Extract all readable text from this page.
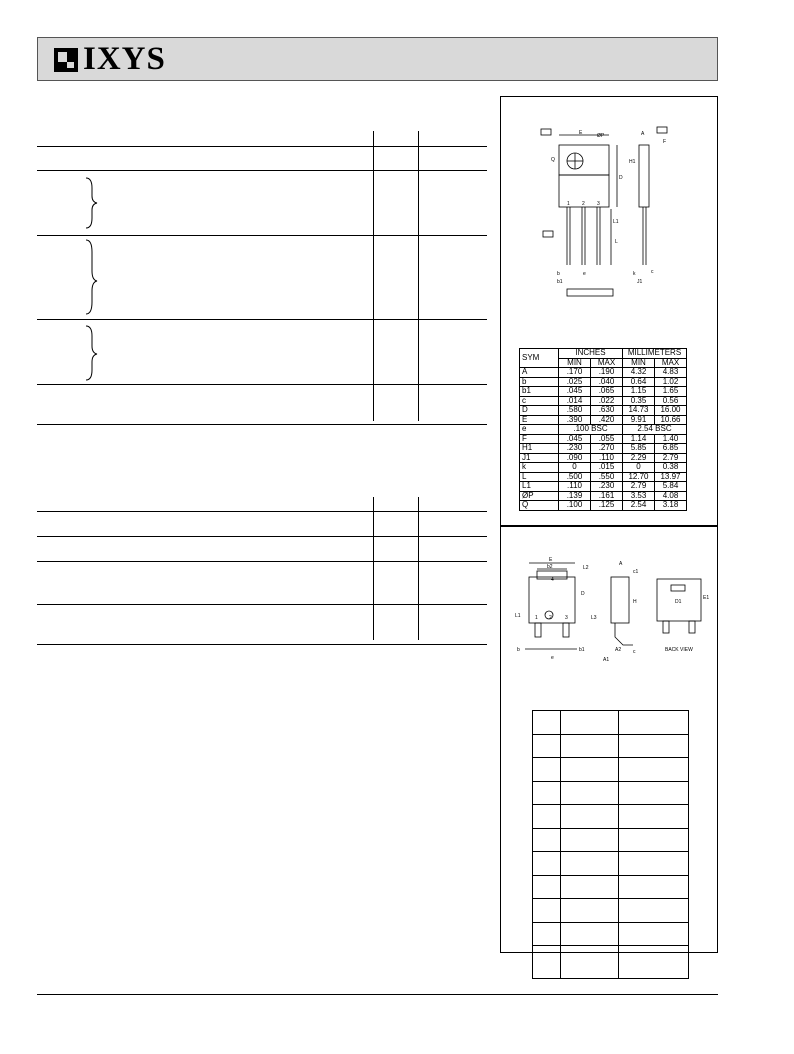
IXYS
ØP
E	A
F
Q	H1
D
L1
L
b
b1
e	k
J1
c
1 2 3
SYM	INCHES		MILLIMETERS	
	MIN	MAX	MIN	MAX
A	.170	.190	4.32	4.83
b	.025	.040	0.64	1.02
b1	.045	.065	1.15	1.65
c	.014	.022	0.35	0.56
D	.580	.630	14.73	16.00
E	.390	.420	9.91	10.66
e	.100 BSC		2.54 BSC	
F	.045	.055	1.14	1.40
H1	.230	.270	5.85	6.85
J1	.090	.110	2.29	2.79
k	0	.015	0	0.38
L	.500	.550	12.70	13.97
L1	.110	.230	2.79	5.84
ØP	.139	.161	3.53	4.08
Q	.100	.125	2.54	3.18
E
b2	L2
A
c1
D
H
L1	L3
b	b1
e
A2
A1
c
D1
E1
BACK VIEW
1 2	3
4
